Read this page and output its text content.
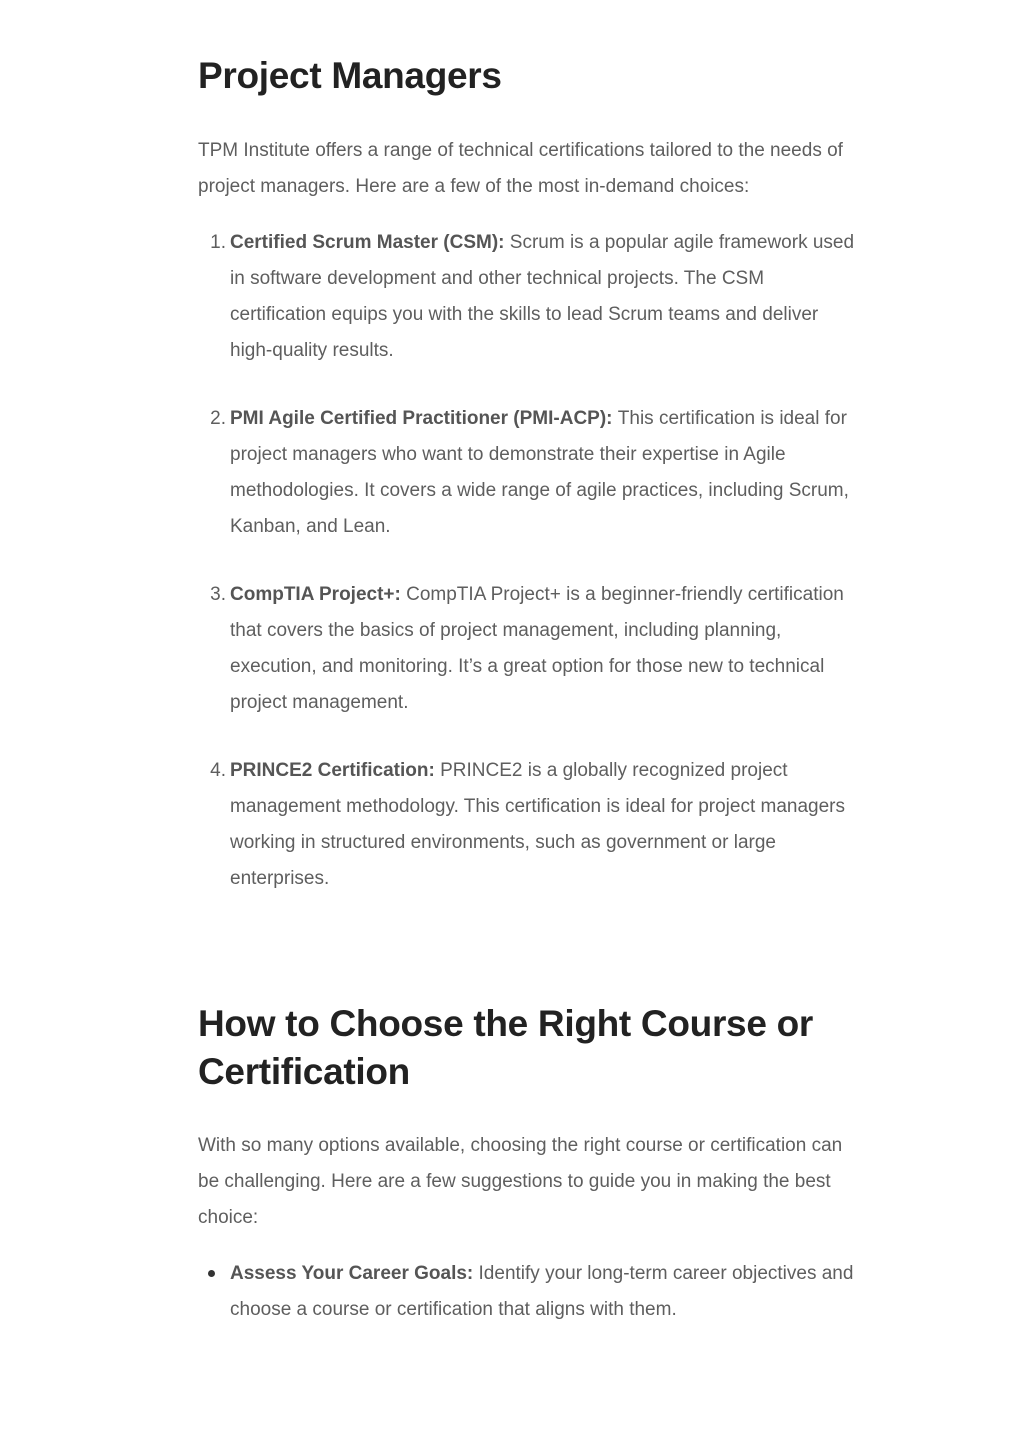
Project Managers

TPM Institute offers a range of technical certifications tailored to the needs of project managers. Here are a few of the most in-demand choices:

1. Certified Scrum Master (CSM): Scrum is a popular agile framework used in software development and other technical projects. The CSM certification equips you with the skills to lead Scrum teams and deliver high-quality results.
2. PMI Agile Certified Practitioner (PMI-ACP): This certification is ideal for project managers who want to demonstrate their expertise in Agile methodologies. It covers a wide range of agile practices, including Scrum, Kanban, and Lean.
3. CompTIA Project+: CompTIA Project+ is a beginner-friendly certification that covers the basics of project management, including planning, execution, and monitoring. It’s a great option for those new to technical project management.
4. PRINCE2 Certification: PRINCE2 is a globally recognized project management methodology. This certification is ideal for project managers working in structured environments, such as government or large enterprises.
How to Choose the Right Course or Certification

With so many options available, choosing the right course or certification can be challenging. Here are a few suggestions to guide you in making the best choice:

Assess Your Career Goals: Identify your long-term career objectives and choose a course or certification that aligns with them.
